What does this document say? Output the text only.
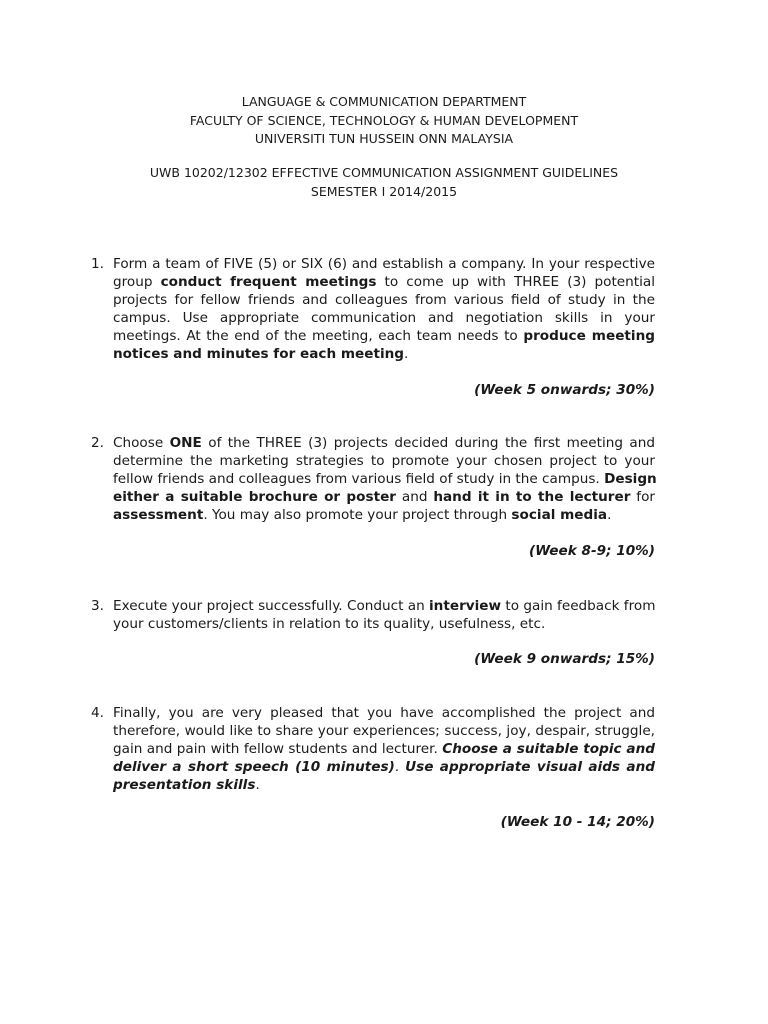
LANGUAGE & COMMUNICATION DEPARTMENT
FACULTY OF SCIENCE, TECHNOLOGY & HUMAN DEVELOPMENT
UNIVERSITI TUN HUSSEIN ONN MALAYSIA
UWB 10202/12302 EFFECTIVE COMMUNICATION ASSIGNMENT GUIDELINES
SEMESTER I 2014/2015
1. Form a team of FIVE (5) or SIX (6) and establish a company. In your respective
group conduct frequent meetings to come up with THREE (3) potential
projects for fellow friends and colleagues from various field of study in the
campus. Use appropriate communication and negotiation skills in your
meetings. At the end of the meeting, each team needs to produce meeting
notices and minutes for each meeting.
(Week 5 onwards; 30%)
2. Choose ONE of the THREE (3) projects decided during the first meeting and
determine the marketing strategies to promote your chosen project to your
fellow friends and colleagues from various field of study in the campus. Design
either a suitable brochure or poster and hand it in to the lecturer for
assessment. You may also promote your project through social media.
(Week 8-9; 10%)
3. Execute your project successfully. Conduct an interview to gain feedback from
your customers/clients in relation to its quality, usefulness, etc.
(Week 9 onwards; 15%)
4. Finally, you are very pleased that you have accomplished the project and
therefore, would like to share your experiences; success, joy, despair, struggle,
gain and pain with fellow students and lecturer. Choose a suitable topic and
deliver a short speech (10 minutes). Use appropriate visual aids and
presentation skills.
(Week 10 - 14; 20%)
